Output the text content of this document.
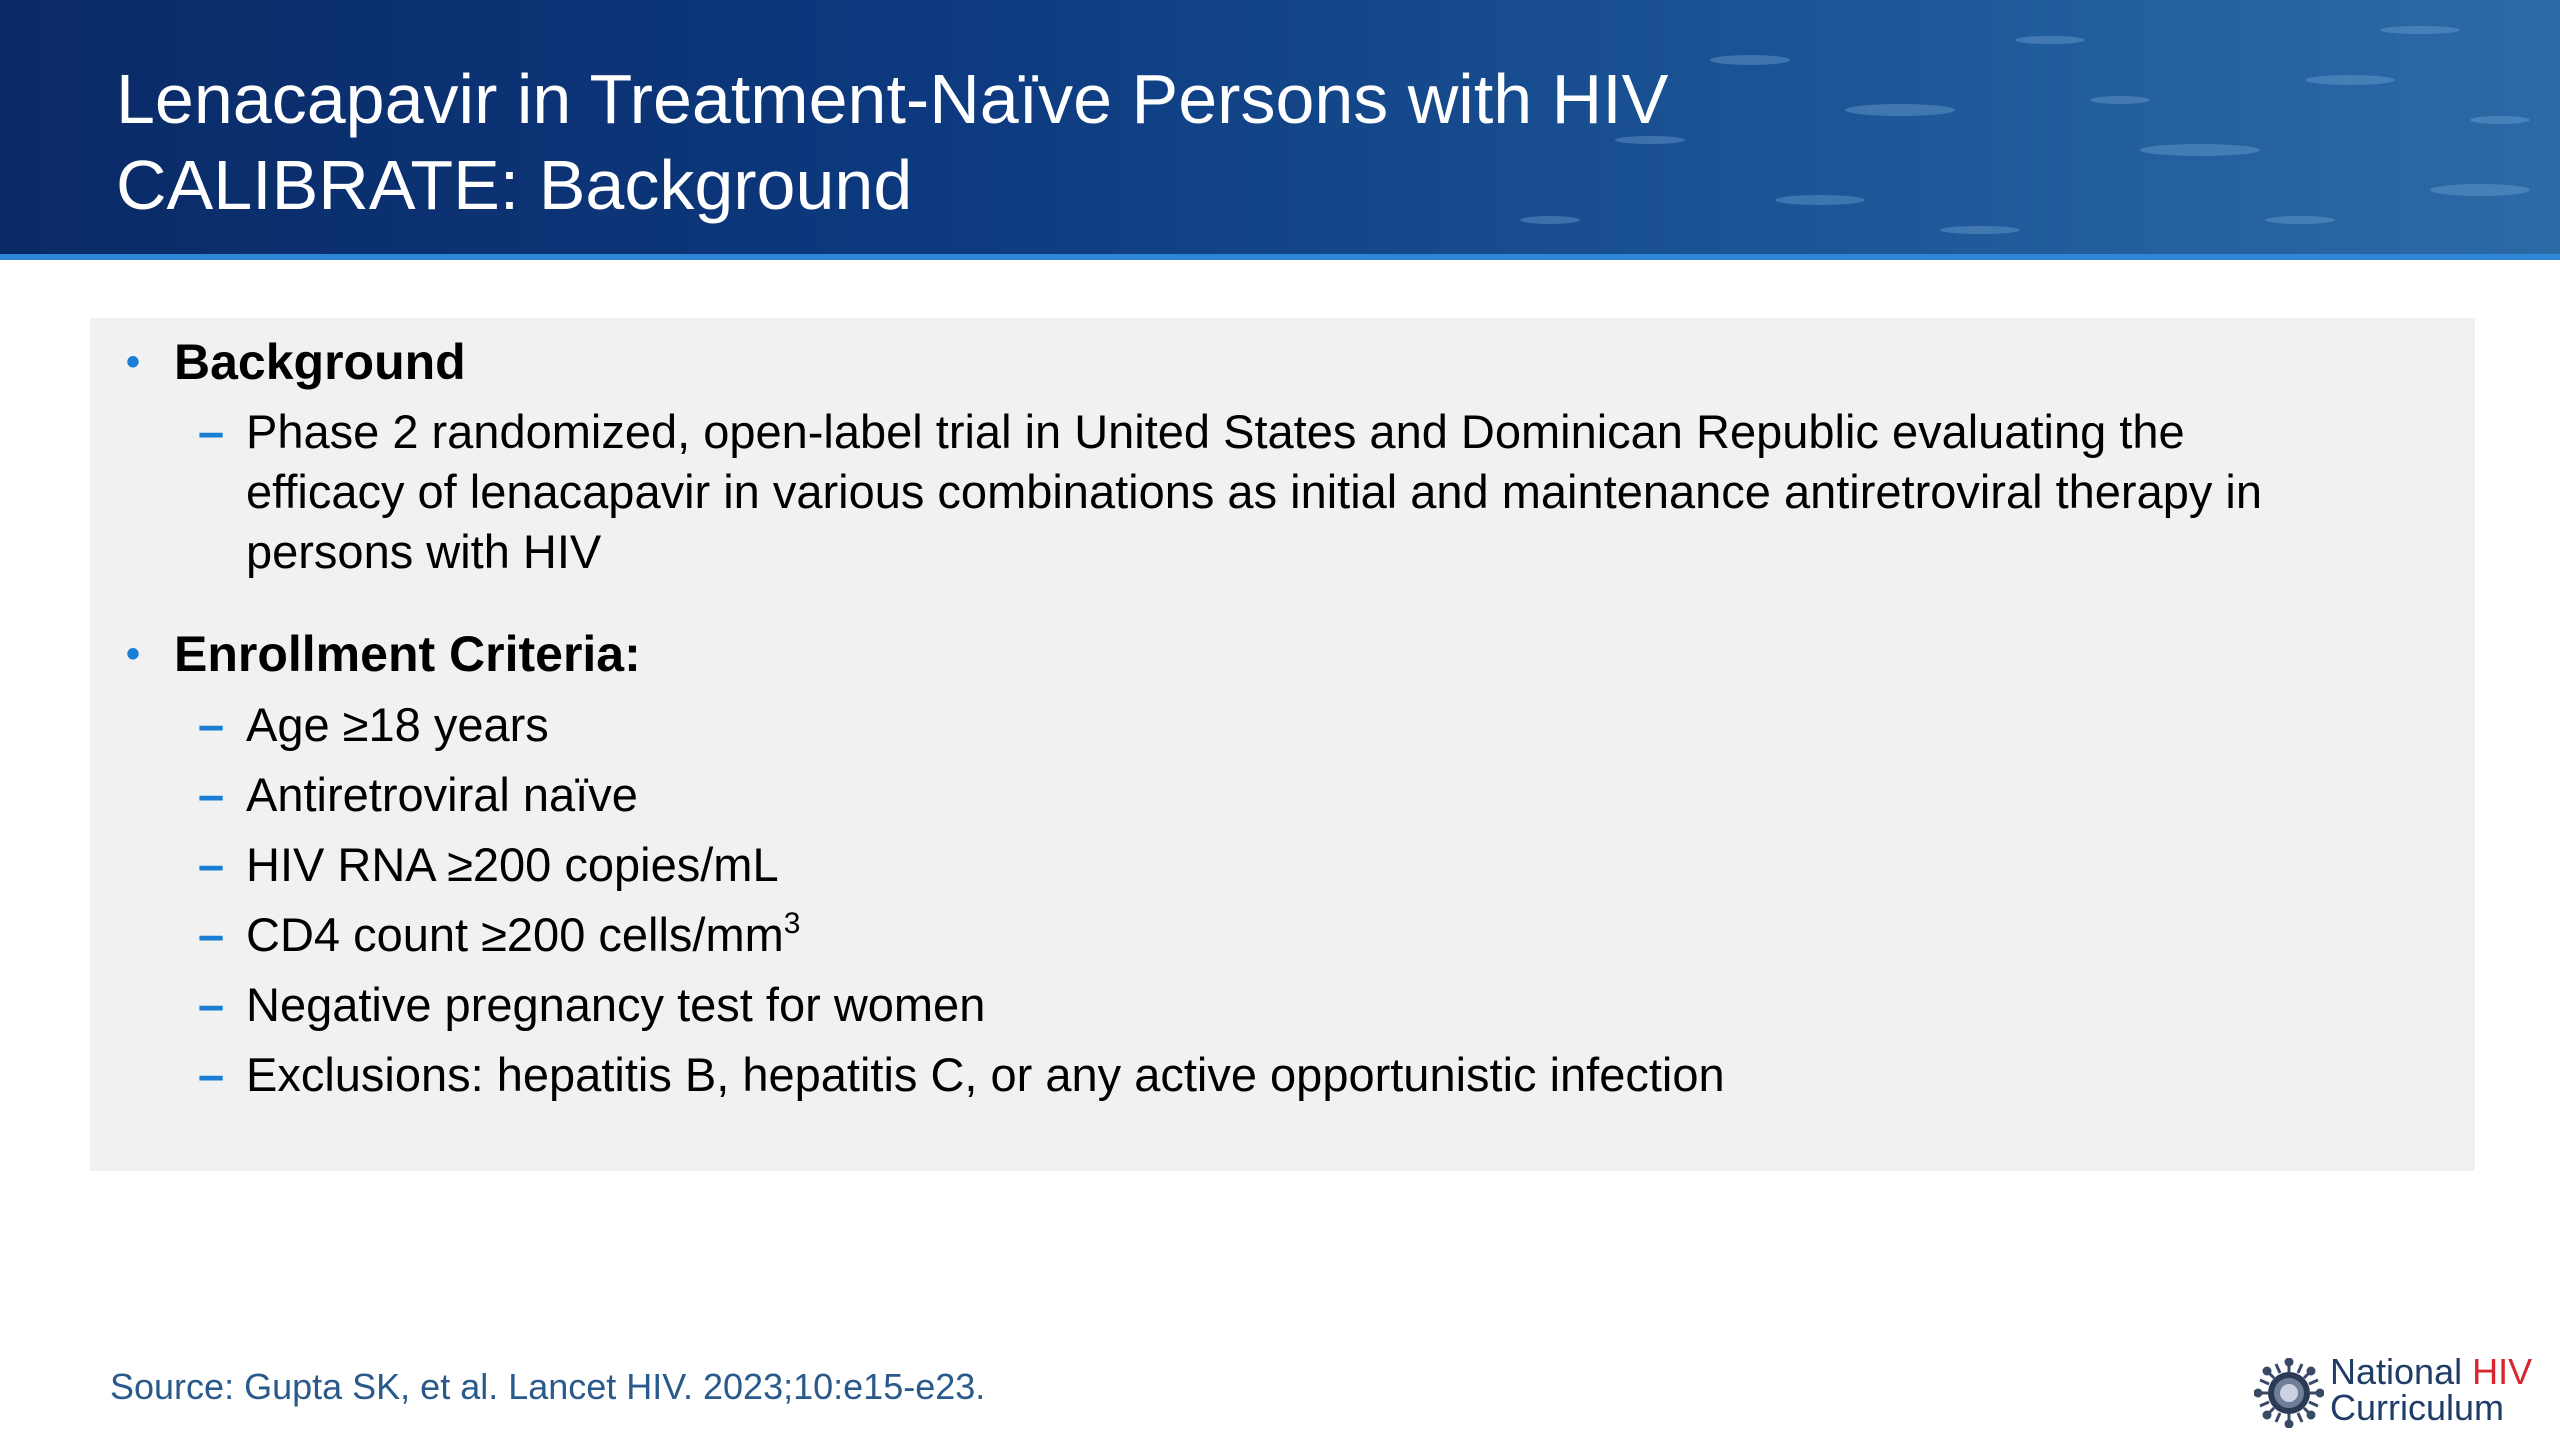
Lenacapavir in Treatment-Naïve Persons with HIV
CALIBRATE: Background
• Background
– Phase 2 randomized, open-label trial in United States and Dominican Republic evaluating the
efficacy of lenacapavir in various combinations as initial and maintenance antiretroviral therapy in
persons with HIV
• Enrollment Criteria:
– Age ≥18 years
– Antiretroviral naïve
– HIV RNA ≥200 copies/mL
– CD4 count ≥200 cells/$mm^3$
– Negative pregnancy test for women
– Exclusions: hepatitis B, hepatitis C, or any active opportunistic infection
Source: Gupta SK, et al. Lancet HIV. 2023;10:e15-e23.	National HIV
Curriculum
